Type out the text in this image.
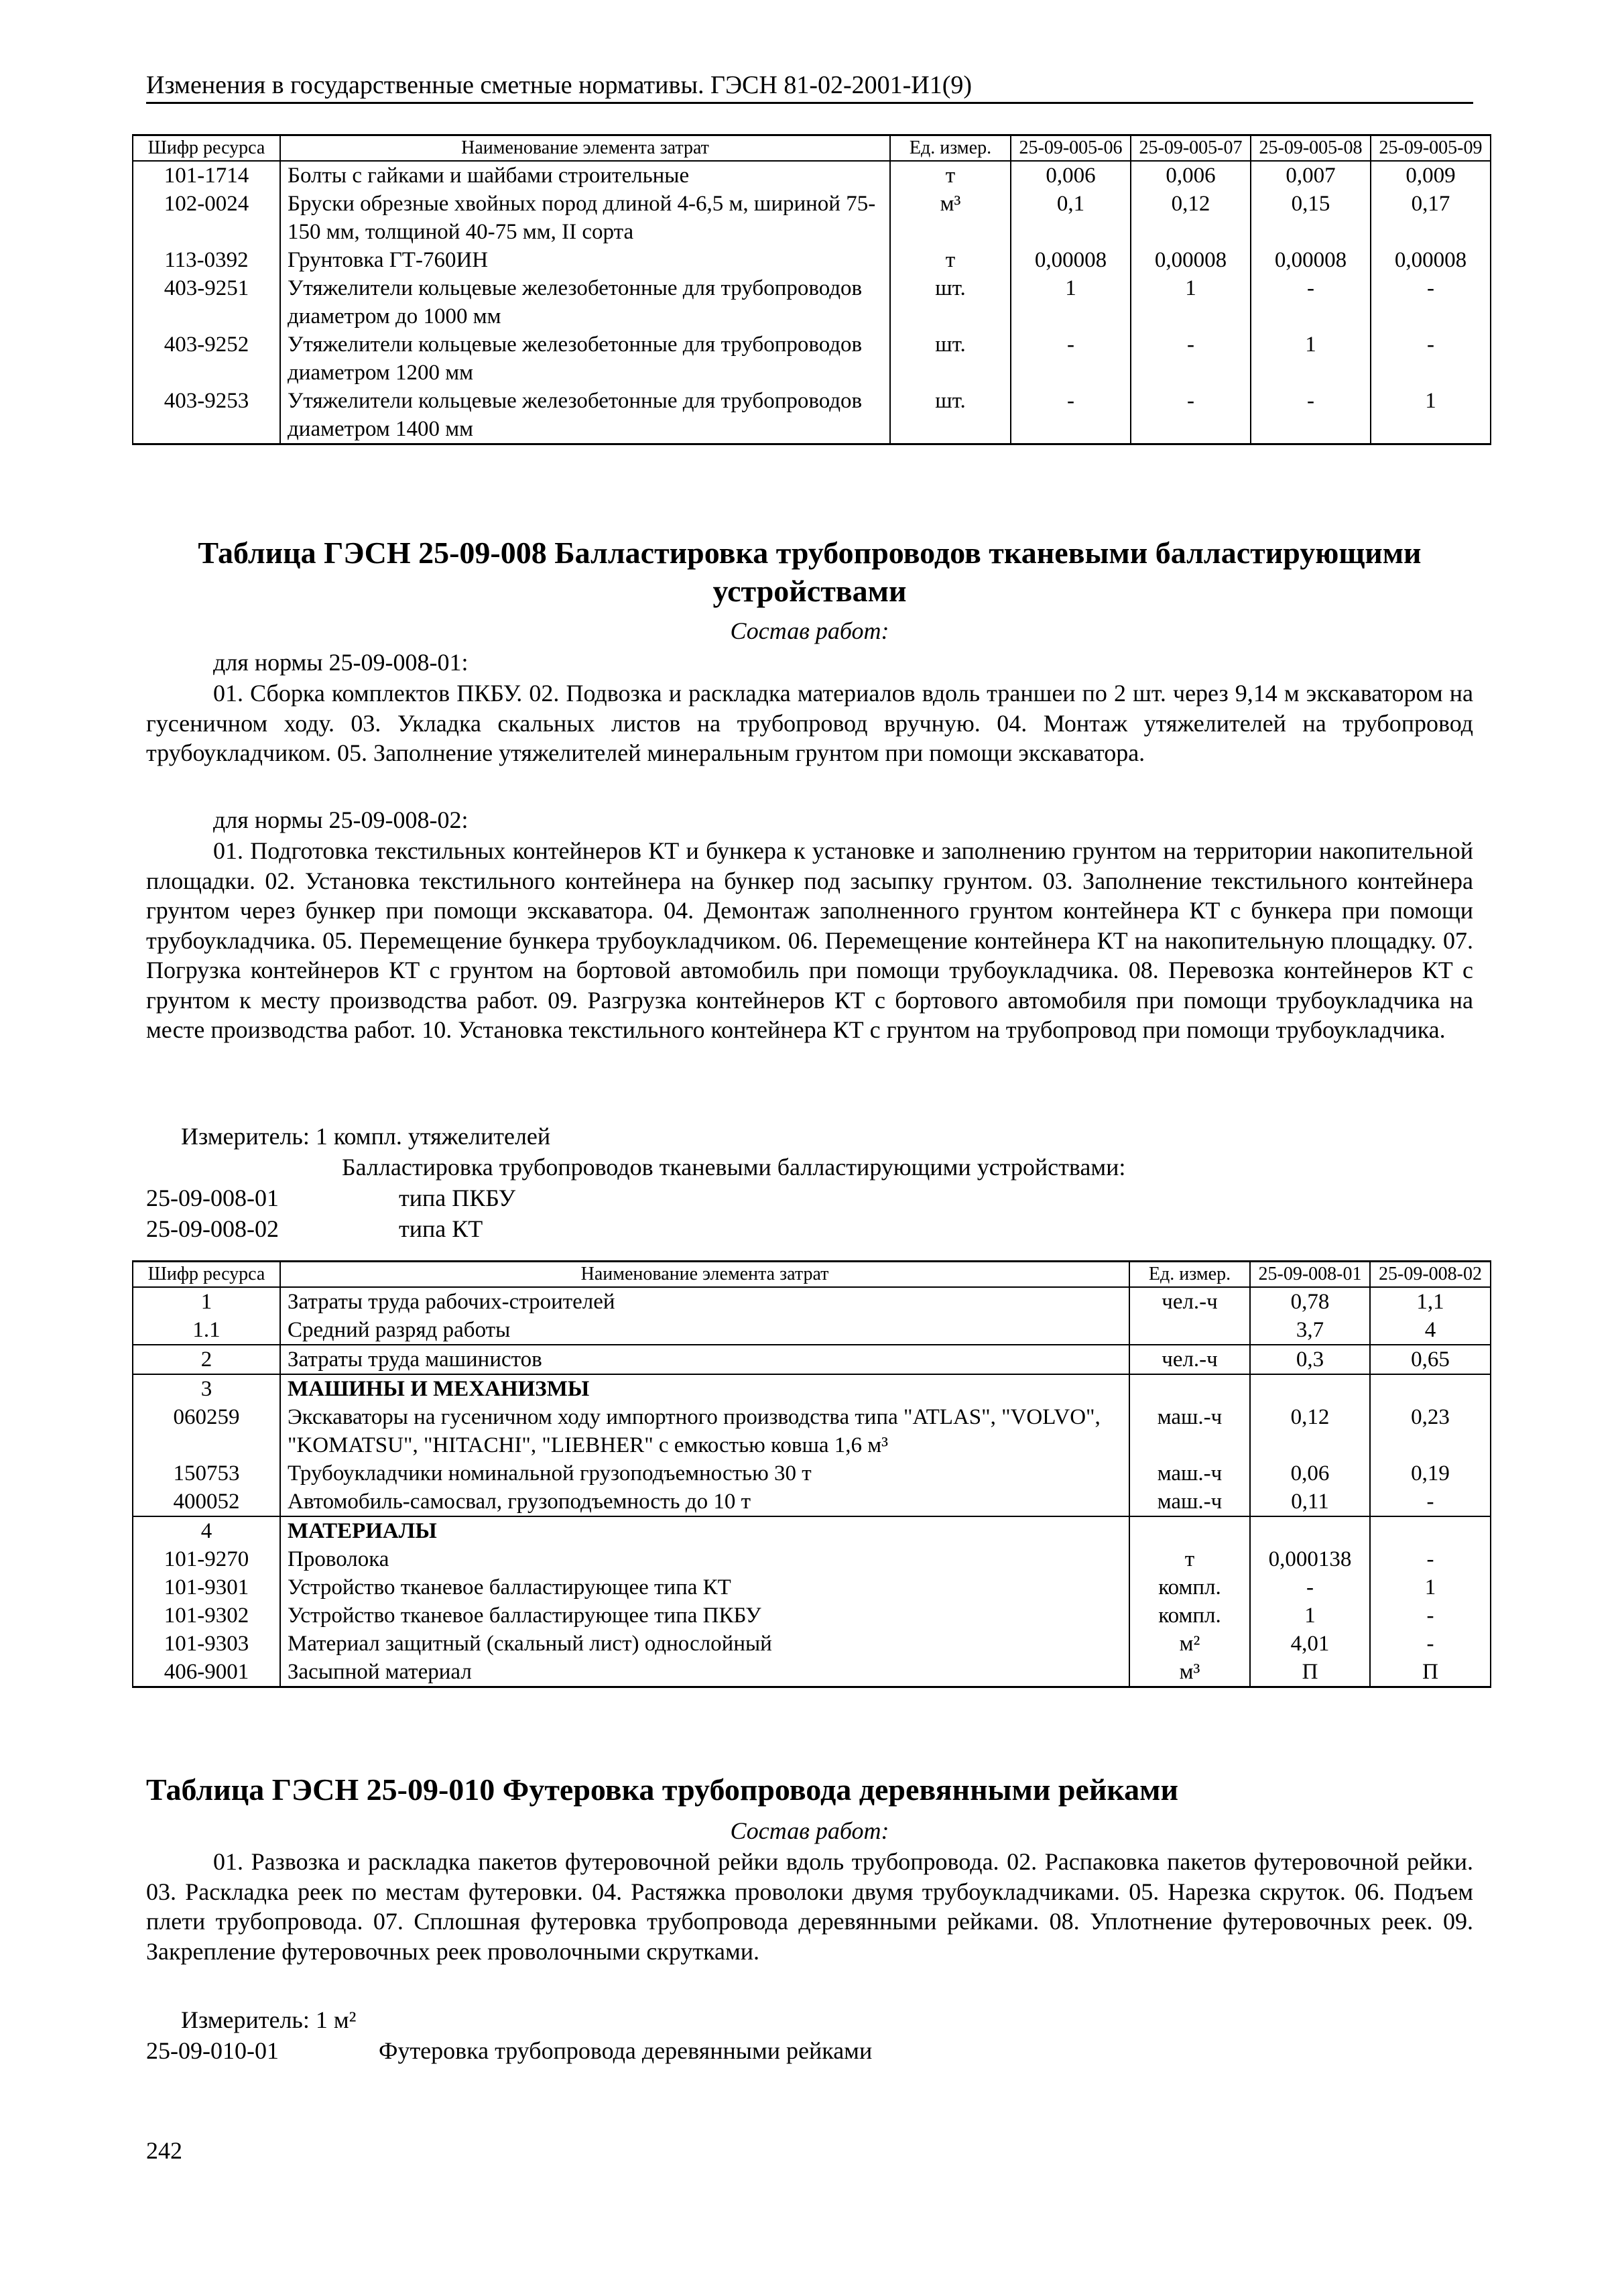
Изменения в государственные сметные нормативы. ГЭСН 81-02-2001-И1(9)
Шифр ресурса	Наименование элемента затрат	Ед. измер.	25-09-005-06	25-09-005-07	25-09-005-08	25-09-005-09
101-1714	Болты с гайками и шайбами строительные	т	0,006	0,006	0,007	0,009
102-0024	Бруски обрезные хвойных пород длиной 4-6,5 м, шириной 75-150 мм, толщиной 40-75 мм, II сорта	м³	0,1	0,12	0,15	0,17
113-0392	Грунтовка ГТ-760ИН	т	0,00008	0,00008	0,00008	0,00008
403-9251	Утяжелители кольцевые железобетонные для трубопроводов диаметром до 1000 мм	шт.	1	1	-	-
403-9252	Утяжелители кольцевые железобетонные для трубопроводов диаметром 1200 мм	шт.	-	-	1	-
403-9253	Утяжелители кольцевые железобетонные для трубопроводов диаметром 1400 мм	шт.	-	-	-	1
Таблица ГЭСН 25-09-008 Балластировка трубопроводов тканевыми балластирующими
устройствами
Состав работ:
для нормы 25-09-008-01:

01. Сборка комплектов ПКБУ. 02. Подвозка и раскладка материалов вдоль траншеи по 2 шт. через 9,14 м экскаватором на гусеничном ходу. 03. Укладка скальных листов на трубопровод вручную. 04. Монтаж утяжелителей на трубопровод трубоукладчиком. 05. Заполнение утяжелителей минеральным грунтом при помощи экскаватора.

для нормы 25-09-008-02:

01. Подготовка текстильных контейнеров КТ и бункера к установке и заполнению грунтом на территории накопительной площадки. 02. Установка текстильного контейнера на бункер под засыпку грунтом. 03. Заполнение текстильного контейнера грунтом через бункер при помощи экскаватора. 04. Демонтаж заполненного грунтом контейнера КТ с бункера при помощи трубоукладчика. 05. Перемещение бункера трубоукладчиком. 06. Перемещение контейнера КТ на накопительную площадку. 07. Погрузка контейнеров КТ с грунтом на бортовой автомобиль при помощи трубоукладчика. 08. Перевозка контейнеров КТ с грунтом к месту производства работ. 09. Разгрузка контейнеров КТ с бортового автомобиля при помощи трубоукладчика на месте производства работ. 10. Установка текстильного контейнера КТ с грунтом на трубопровод при помощи трубоукладчика.

Измеритель: 1 компл. утяжелителей
Балластировка трубопроводов тканевыми балластирующими устройствами:
25-09-008-01	типа ПКБУ
25-09-008-02	типа КТ
Шифр ресурса	Наименование элемента затрат	Ед. измер.	25-09-008-01	25-09-008-02
1	Затраты труда рабочих-строителей	чел.-ч	0,78	1,1
1.1	Средний разряд работы		3,7	4
2	Затраты труда машинистов	чел.-ч	0,3	0,65
3	МАШИНЫ И МЕХАНИЗМЫ			
060259	Экскаваторы на гусеничном ходу импортного производства типа "ATLAS", "VOLVO", "KOMATSU", "HITACHI", "LIEBHER" с емкостью ковша 1,6 м³	маш.-ч	0,12	0,23
150753	Трубоукладчики номинальной грузоподъемностью 30 т	маш.-ч	0,06	0,19
400052	Автомобиль-самосвал, грузоподъемность до 10 т	маш.-ч	0,11	-
4	МАТЕРИАЛЫ			
101-9270	Проволока	т	0,000138	-
101-9301	Устройство тканевое балластирующее типа КТ	компл.	-	1
101-9302	Устройство тканевое балластирующее типа ПКБУ	компл.	1	-
101-9303	Материал защитный (скальный лист) однослойный	м²	4,01	-
406-9001	Засыпной материал	м³	П	П
Таблица ГЭСН 25-09-010 Футеровка трубопровода деревянными рейками
Состав работ:

01. Развозка и раскладка пакетов футеровочной рейки вдоль трубопровода. 02. Распаковка пакетов футеровочной рейки. 03. Раскладка реек по местам футеровки. 04. Растяжка проволоки двумя трубоукладчиками. 05. Нарезка скруток. 06. Подъем плети трубопровода. 07. Сплошная футеровка трубопровода деревянными рейками. 08. Уплотнение футеровочных реек. 09. Закрепление футеровочных реек проволочными скрутками.

Измеритель: 1 м²
25-09-010-01	Футеровка трубопровода деревянными рейками
242
